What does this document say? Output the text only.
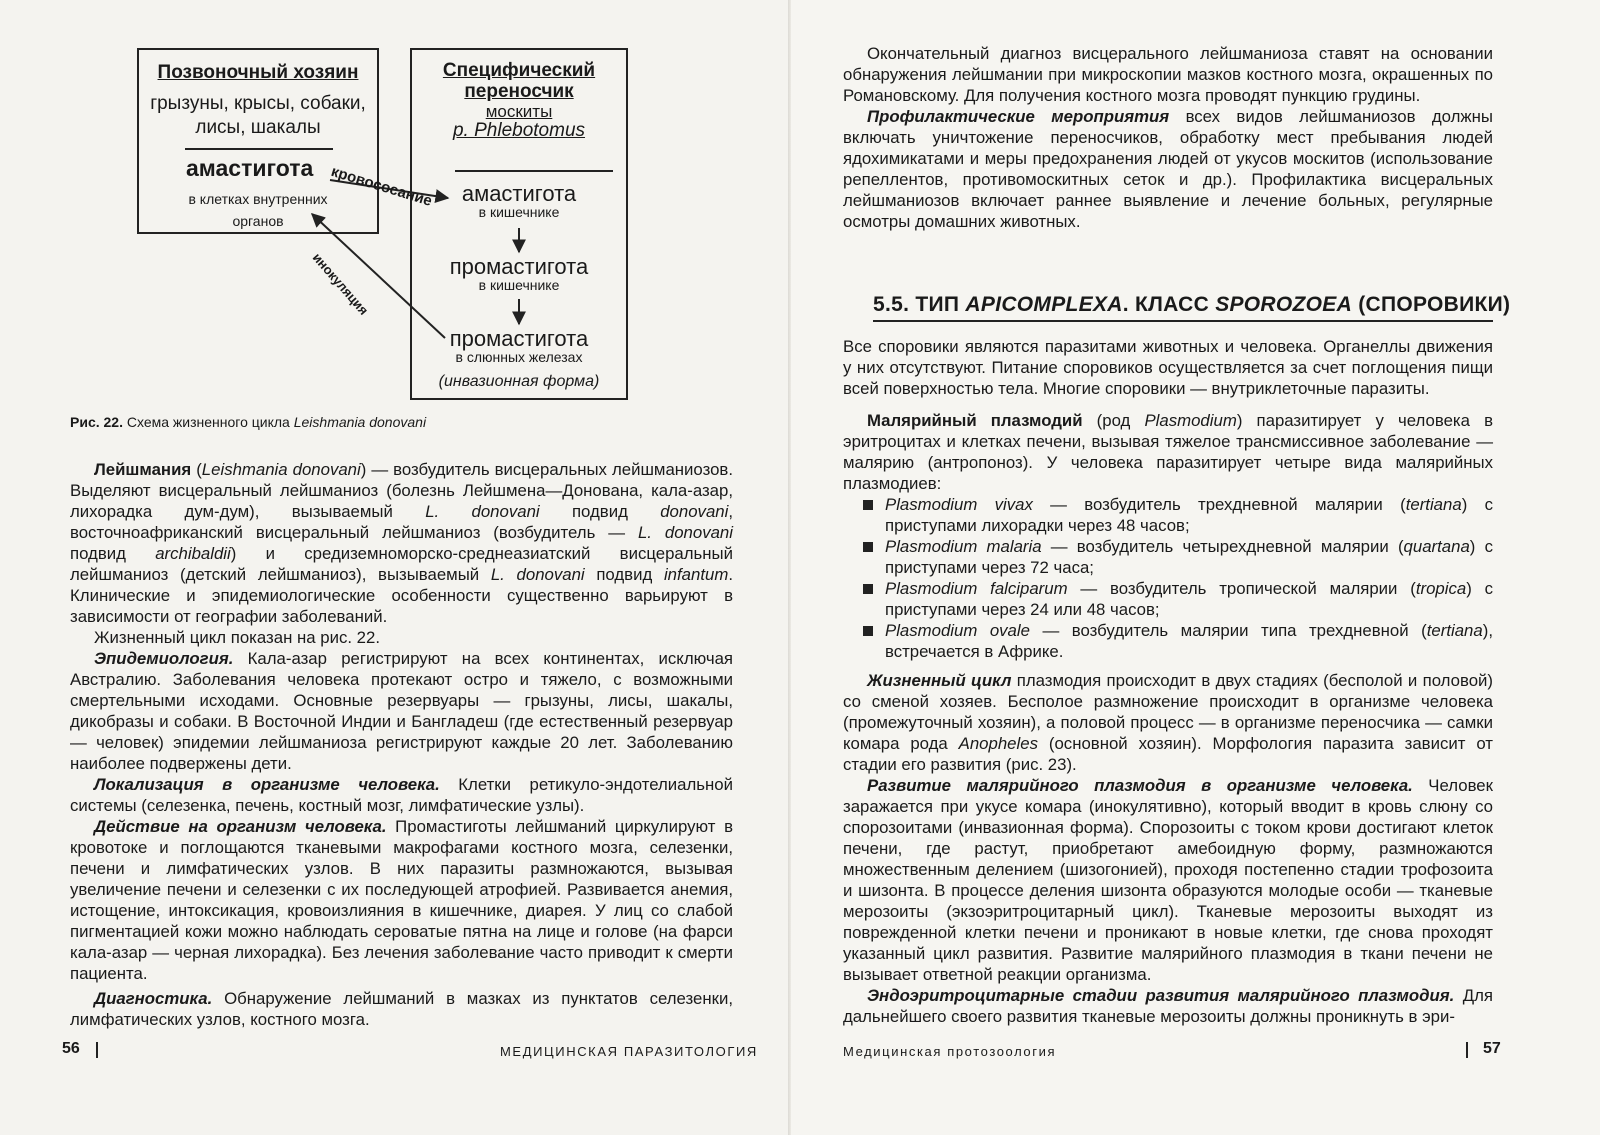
Позвоночный хозяин
грызуны, крысы, собаки,
лисы, шакалы
амастигота
в клетках внутренних
органов
Специфический
переносчик
москиты
p. Phlebotomus
амастигота
в кишечнике
промастигота
в кишечнике
промастигота
в слюнных железах
(инвазионная форма)
кровососание
инокуляция
Рис. 22. Схема жизненного цикла Leishmania donovani

Лейшмания (Leishmania donovani) — возбудитель висцеральных лейшманиозов. Выделяют висцеральный лейшманиоз (болезнь Лейшмена—Донована, кала-азар, лихорадка дум-дум), вызываемый L. donovani подвид donovani, восточноафриканский висцеральный лейшманиоз (возбудитель — L. donovani подвид archibaldii) и средиземноморско-среднеазиатский висцеральный лейшманиоз (детский лейшманиоз), вызываемый L. donovani подвид infantum. Клинические и эпидемиологические особенности существенно варьируют в зависимости от географии заболеваний.

Жизненный цикл показан на рис. 22.

Эпидемиология. Кала-азар регистрируют на всех континентах, исключая Австралию. Заболевания человека протекают остро и тяжело, с возможными смертельными исходами. Основные резервуары — грызуны, лисы, шакалы, дикобразы и собаки. В Восточной Индии и Бангладеш (где естественный резервуар — человек) эпидемии лейшманиоза регистрируют каждые 20 лет. Заболеванию наиболее подвержены дети.

Локализация в организме человека. Клетки ретикуло-эндотелиальной системы (селезенка, печень, костный мозг, лимфатические узлы).

Действие на организм человека. Промастиготы лейшманий циркулируют в кровотоке и поглощаются тканевыми макрофагами костного мозга, селезенки, печени и лимфатических узлов. В них паразиты размножаются, вызывая увеличение печени и селезенки с их последующей атрофией. Развивается анемия, истощение, интоксикация, кровоизлияния в кишечнике, диарея. У лиц со слабой пигментацией кожи можно наблюдать сероватые пятна на лице и голове (на фарси кала-азар — черная лихорадка). Без лечения заболевание часто приводит к смерти пациента.

Диагностика. Обнаружение лейшманий в мазках из пунктатов селезенки, лимфатических узлов, костного мозга.

Окончательный диагноз висцерального лейшманиоза ставят на основании обнаружения лейшмании при микроскопии мазков костного мозга, окрашенных по Романовскому. Для получения костного мозга проводят пункцию грудины.

Профилактические мероприятия всех видов лейшманиозов должны включать уничтожение переносчиков, обработку мест пребывания людей ядохимикатами и меры предохранения людей от укусов москитов (использование репеллентов, противомоскитных сеток и др.). Профилактика висцеральных лейшманиозов включает раннее выявление и лечение больных, регулярные осмотры домашних животных.

5.5. ТИП APICOMPLEXA. КЛАСС SPOROZOEA (СПОРОВИКИ)

Все споровики являются паразитами животных и человека. Органеллы движения у них отсутствуют. Питание споровиков осуществляется за счет поглощения пищи всей поверхностью тела. Многие споровики — внутриклеточные паразиты.

Малярийный плазмодий (род Plasmodium) паразитирует у человека в эритроцитах и клетках печени, вызывая тяжелое трансмиссивное заболевание — малярию (антропоноз). У человека паразитирует четыре вида малярийных плазмодиев:

Plasmodium vivax — возбудитель трехдневной малярии (tertiana) с приступами лихорадки через 48 часов;
Plasmodium malaria — возбудитель четырехдневной малярии (quartana) с приступами через 72 часа;
Plasmodium falciparum — возбудитель тропической малярии (tropica) с приступами через 24 или 48 часов;
Plasmodium ovale — возбудитель малярии типа трехдневной (tertiana), встречается в Африке.

Жизненный цикл плазмодия происходит в двух стадиях (бесполой и половой) со сменой хозяев. Бесполое размножение происходит в организме человека (промежуточный хозяин), а половой процесс — в организме переносчика — самки комара рода Anopheles (основной хозяин). Морфология паразита зависит от стадии его развития (рис. 23).

Развитие малярийного плазмодия в организме человека. Человек заражается при укусе комара (инокулятивно), который вводит в кровь слюну со спорозоитами (инвазионная форма). Спорозоиты с током крови достигают клеток печени, где растут, приобретают амебоидную форму, размножаются множественным делением (шизогонией), проходя постепенно стадии трофозоита и шизонта. В процессе деления шизонта образуются молодые особи — тканевые мерозоиты (экзоэритроцитарный цикл). Тканевые мерозоиты выходят из поврежденной клетки печени и проникают в новые клетки, где снова проходят указанный цикл развития. Развитие малярийного плазмодия в ткани печени не вызывает ответной реакции организма.

Эндоэритроцитарные стадии развития малярийного плазмодия. Для дальнейшего своего развития тканевые мерозоиты должны проникнуть в эри-

56	МЕДИЦИНСКАЯ ПАРАЗИТОЛОГИЯ	Медицинская протозоология	57
